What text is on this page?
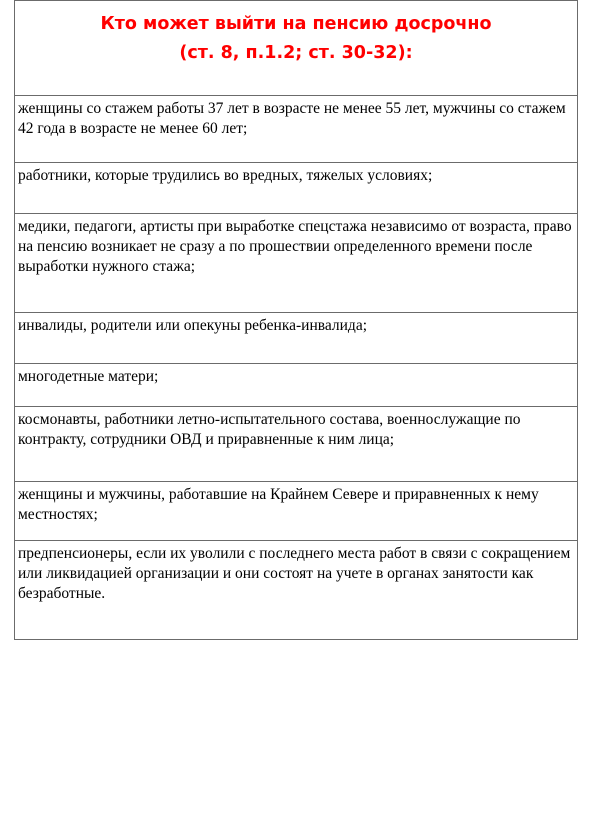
Кто может выйти на пенсию досрочно
(ст. 8, п.1.2; ст. 30-32):

женщины со стажем работы 37 лет в возрасте не менее 55 лет, мужчины со стажем 42 года в возрасте не менее 60 лет;

работники, которые трудились во вредных, тяжелых условиях;

медики, педагоги, артисты при выработке спецстажа независимо от возраста, право на пенсию возникает не сразу а по прошествии определенного времени после выработки нужного стажа;

инвалиды, родители или опекуны ребенка-инвалида;

многодетные матери;

космонавты, работники летно-испытательного состава, военнослужащие по контракту, сотрудники ОВД и приравненные к ним лица;

женщины и мужчины, работавшие на Крайнем Севере и приравненных к нему местностях;

предпенсионеры, если их уволили с последнего места работ в связи с сокращением или ликвидацией организации и они состоят на учете в органах занятости как безработные.
